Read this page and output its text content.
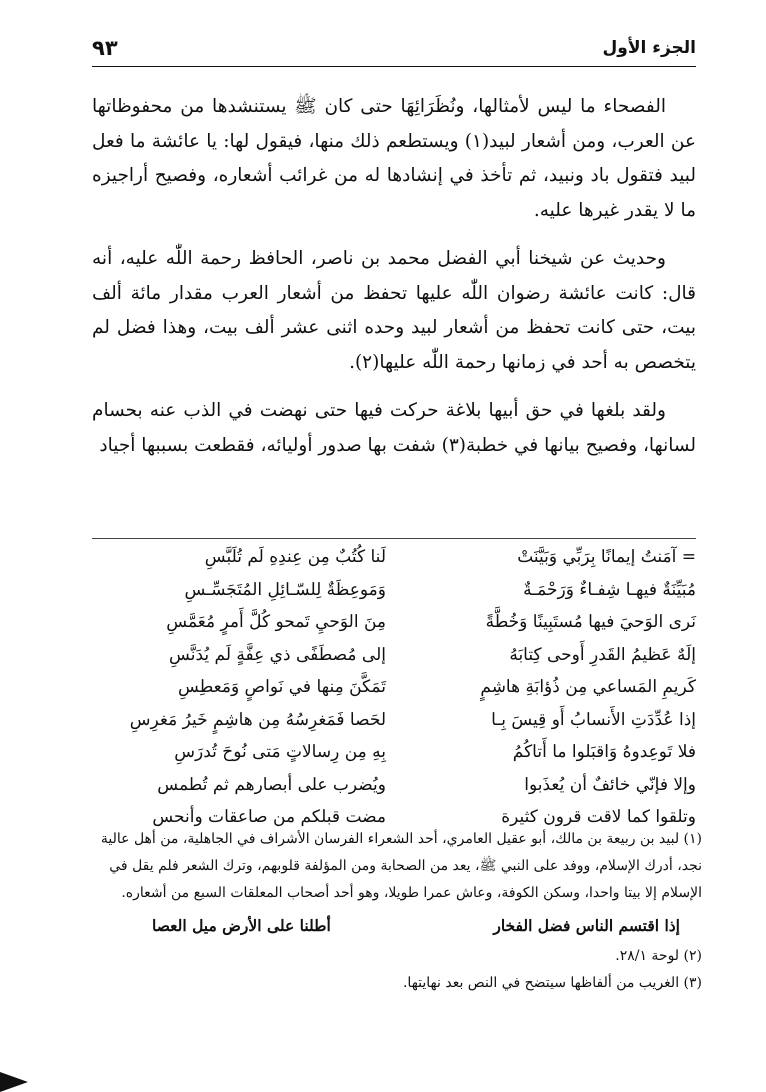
٩٣	الجزء الأول

الفصحاء ما ليس لأمثالها، ونُظَرَائِهَا حتى كان ﷺ يستنشدها من محفوظاتها عن العرب، ومن أشعار لبيد(١) ويستطعم ذلك منها، فيقول لها: يا عائشة ما فعل لبيد فتقول باد ونبيد، ثم تأخذ في إنشادها له من غرائب أشعاره، وفصيح أراجيزه ما لا يقدر غيرها عليه.

وحديث عن شيخنا أبي الفضل محمد بن ناصر، الحافظ رحمة اللّٰه عليه، أنه قال: كانت عائشة رضوان اللّٰه عليها تحفظ من أشعار العرب مقدار مائة ألف بيت، حتى كانت تحفظ من أشعار لبيد وحده اثنى عشر ألف بيت، وهذا فضل لم يتخصص به أحد في زمانها رحمة اللّٰه عليها(٢).

ولقد بلغها في حق أبيها بلاغة حركت فيها حتى نهضت في الذب عنه بحسام لسانها، وفصيح بيانها في خطبة(٣) شفت بها صدور أوليائه، فقطعت بسببها أجياد

= آمَنتُ إيمانًا بِرَبِّي وَبَيَّنَتْ
لَنا كُتُبٌ مِن عِندِهِ لَم تُلَبَّسِ
مُبَيِّنَةٌ فيهـا شِفـاءٌ وَرَحْمَـةٌ
وَمَوعِظَةٌ لِلسّـائِلِ المُتَجَسِّـسِ
نَرى الوَحيَ فيها مُستَبِينًا وَخُطَّةً
مِنَ الوَحيِ تَمحو كُلَّ أَمرٍ مُعَمَّسِ
إلَهٌ عَظيمُ القَدرِ أَوحى كِتابَهُ
إلى مُصطَفًى ذي عِفَّةٍ لَم يُدَنَّسِ
كَريمِ المَساعي مِن ذُؤابَةِ هاشِمٍ
تَمَكَّنَ مِنها في نَواصٍ وَمَعطِسِ
إذا عُدِّدَتِ الأَنسابُ أَو قِيسَ بِـا
لحَصا فَمَغرِسُهُ مِن هاشِمٍ خَيرُ مَغرِسِ
فلا تَوعِدوهُ وَاقبَلوا ما أَتاكُمُ
بِهِ مِن رِسالاتٍ مَتى نُوحَ تُدرَسِ
وإلا فإنّي خائفٌ أن يُعذَبوا
ويُضرب على أبصارهم ثم تُطمس
وتلقوا كما لاقت قرون كثيرة
مضت قبلكم من صاعقات وأنحس

(١) لبيد بن ربيعة بن مالك، أبو عقيل العامري، أحد الشعراء الفرسان الأشراف في الجاهلية، من أهل عالية نجد، أدرك الإسلام، ووفد على النبي ﷺ، يعد من الصحابة ومن المؤلفة قلوبهم، وترك الشعر فلم يقل في الإسلام إلا بيتا واحدا، وسكن الكوفة، وعاش عمرا طويلا، وهو أحد أصحاب المعلقات السبع من أشعاره.

إذا اقتسم الناس فضل الفخار
أطلنا على الأرض ميل العصا

(٢) لوحة ٢٨/١.

(٣) الغريب من ألفاظها سيتضح في النص بعد نهايتها.
